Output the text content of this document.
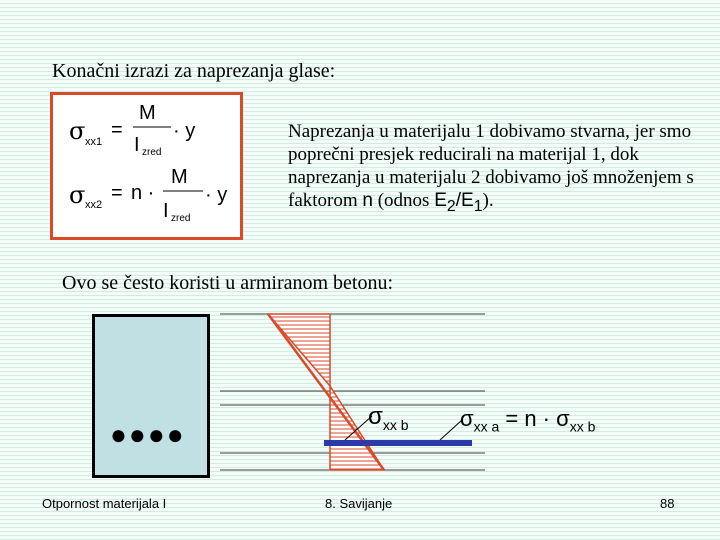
Konačni izrazi za naprezanja glase:
σ xx1
=
M
I zred
· y
σ xx2
= n ·
M
I zred
· y
Naprezanja u materijalu 1 dobivamo stvarna, jer smo poprečni presjek reducirali na materijal 1, dok naprezanja u materijalu 2 dobivamo još množenjem s faktorom n (odnos $E_2/E_1$).
Ovo se često koristi u armiranom betonu:
●●●●
$\sigma_{xx b}$ $\sigma_{xx a} = n \cdot \sigma_{xx b}$
Otpornost materijala I	8. Savijanje	88
